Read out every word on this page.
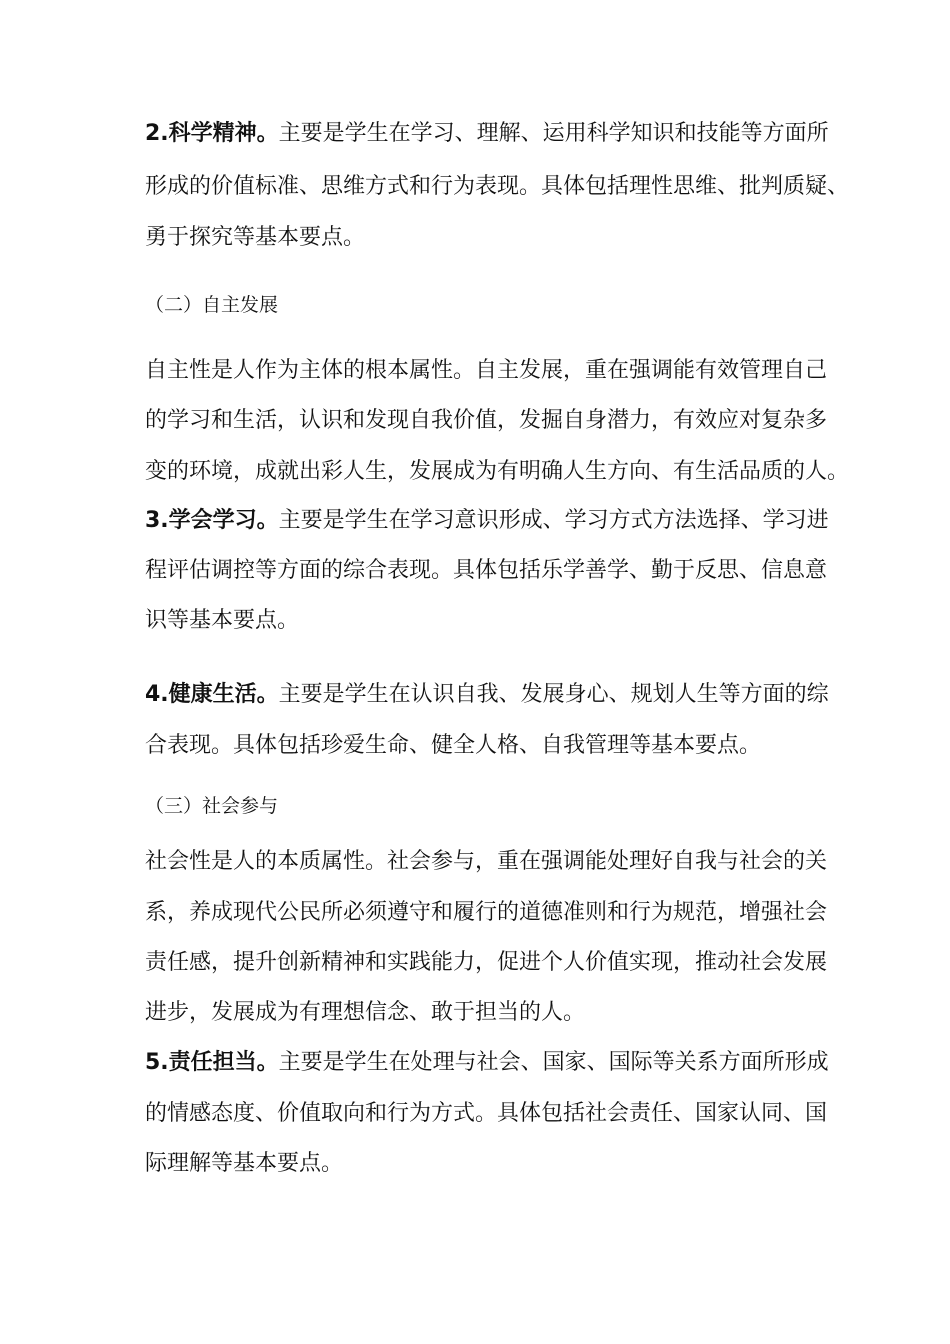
2.科学精神。主要是学生在学习、理解、运用科学知识和技能等方面所
形成的价值标准、思维方式和行为表现。具体包括理性思维、批判质疑、
勇于探究等基本要点。
（二）自主发展
自主性是人作为主体的根本属性。自主发展，重在强调能有效管理自己
的学习和生活，认识和发现自我价值，发掘自身潜力，有效应对复杂多
变的环境，成就出彩人生，发展成为有明确人生方向、有生活品质的人。
3.学会学习。主要是学生在学习意识形成、学习方式方法选择、学习进
程评估调控等方面的综合表现。具体包括乐学善学、勤于反思、信息意
识等基本要点。
4.健康生活。主要是学生在认识自我、发展身心、规划人生等方面的综
合表现。具体包括珍爱生命、健全人格、自我管理等基本要点。
（三）社会参与
社会性是人的本质属性。社会参与，重在强调能处理好自我与社会的关
系，养成现代公民所必须遵守和履行的道德准则和行为规范，增强社会
责任感，提升创新精神和实践能力，促进个人价值实现，推动社会发展
进步，发展成为有理想信念、敢于担当的人。
5.责任担当。主要是学生在处理与社会、国家、国际等关系方面所形成
的情感态度、价值取向和行为方式。具体包括社会责任、国家认同、国
际理解等基本要点。
